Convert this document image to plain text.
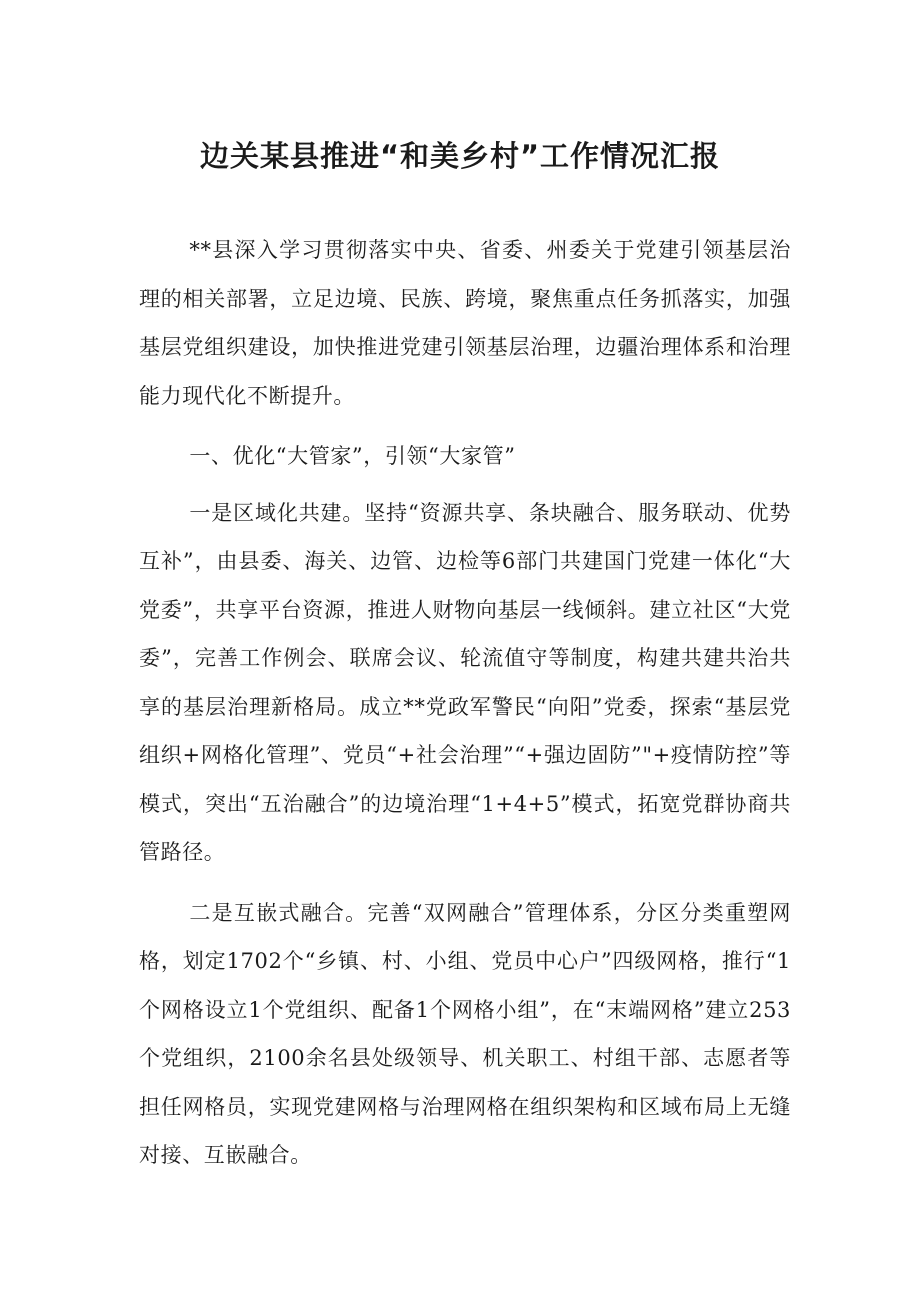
边关某县推进“和美乡村”工作情况汇报

**县深入学习贯彻落实中央、省委、州委关于党建引领基层治理的相关部署，立足边境、民族、跨境，聚焦重点任务抓落实，加强基层党组织建设，加快推进党建引领基层治理，边疆治理体系和治理能力现代化不断提升。

一、优化“大管家”，引领“大家管”

一是区域化共建。坚持“资源共享、条块融合、服务联动、优势互补”，由县委、海关、边管、边检等6部门共建国门党建一体化“大党委”，共享平台资源，推进人财物向基层一线倾斜。建立社区“大党委”，完善工作例会、联席会议、轮流值守等制度，构建共建共治共享的基层治理新格局。成立**党政军警民“向阳”党委，探索“基层党组织+网格化管理”、党员“+社会治理”“+强边固防”"+疫情防控”等模式，突出“五治融合”的边境治理“1+4+5”模式，拓宽党群协商共管路径。

二是互嵌式融合。完善“双网融合”管理体系，分区分类重塑网格，划定1702个“乡镇、村、小组、党员中心户”四级网格，推行“1个网格设立1个党组织、配备1个网格小组”，在“末端网格”建立253个党组织，2100余名县处级领导、机关职工、村组干部、志愿者等担任网格员，实现党建网格与治理网格在组织架构和区域布局上无缝对接、互嵌融合。
